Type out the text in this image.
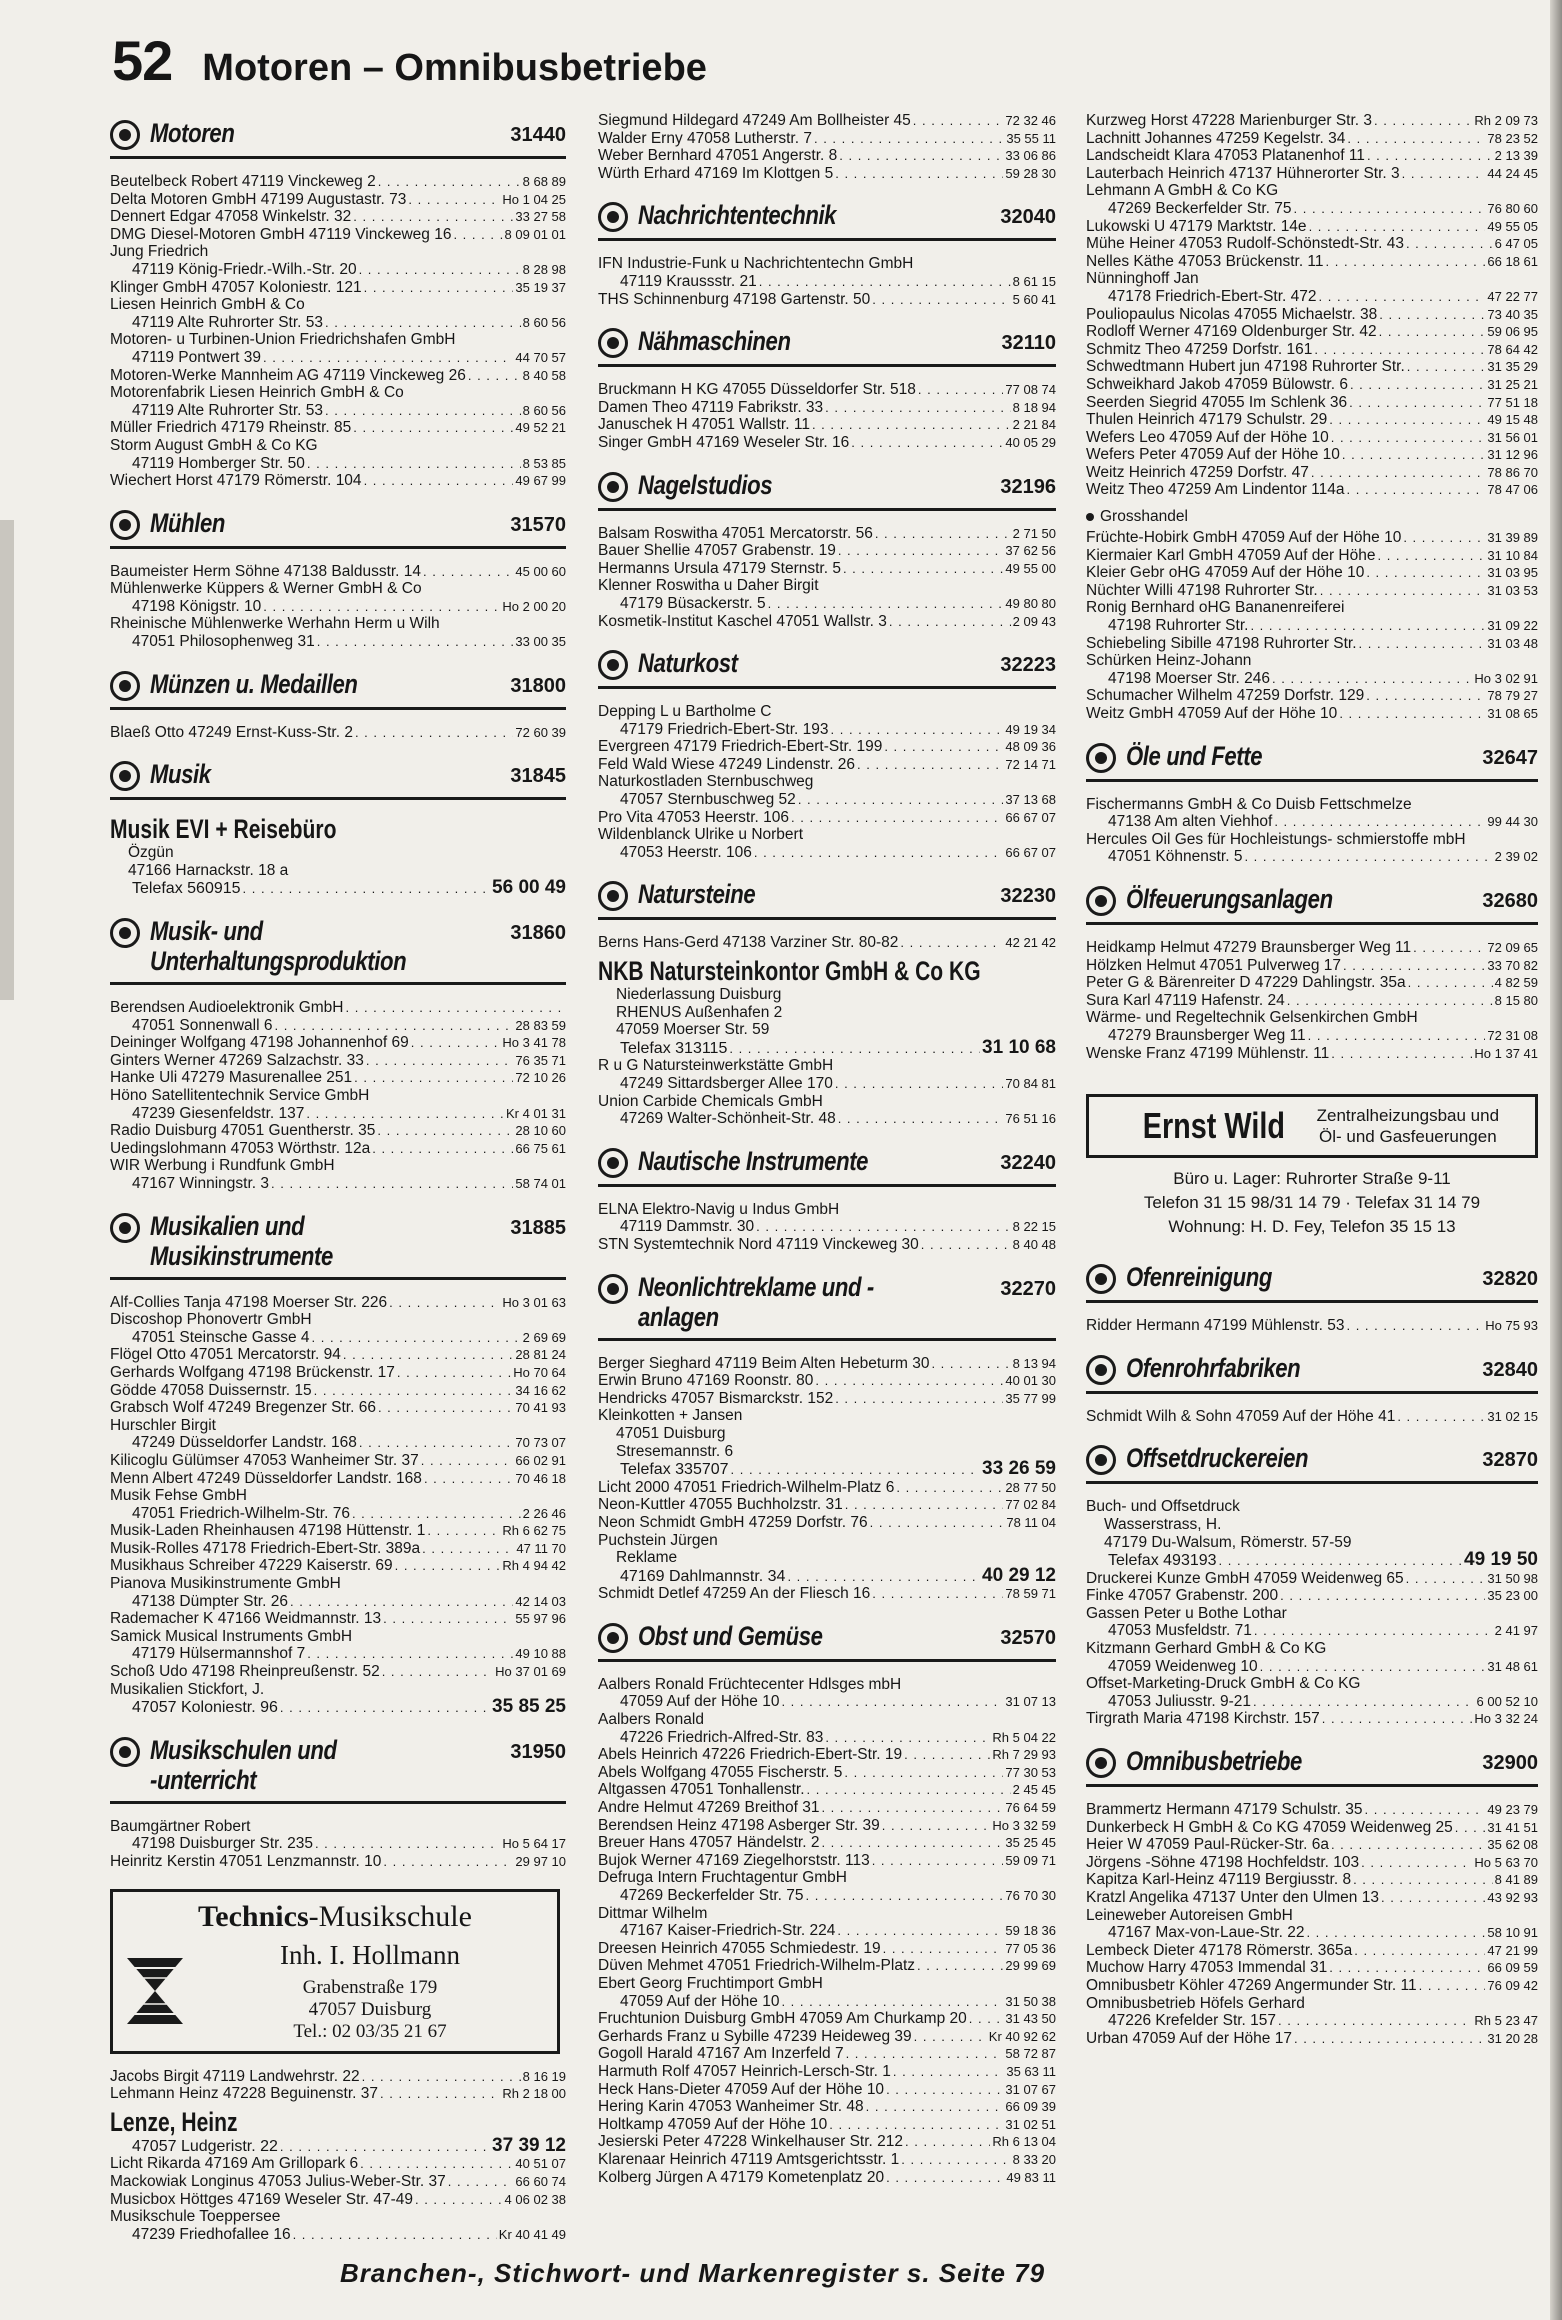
52 Motoren – Omnibusbetriebe
Motoren	31440
Beutelbeck Robert 47119 Vinckeweg 2 . . .	8 68 89
Delta Motoren GmbH 47199 Augustastr. 73 . . .	Ho 1 04 25
Dennert Edgar 47058 Winkelstr. 32 . . .	33 27 58
DMG Diesel-Motoren GmbH 47119 Vinckeweg 16 . . .	8 09 01 01
Jung Friedrich
47119 König-Friedr.-Wilh.-Str. 20 . . .	8 28 98
Klinger GmbH 47057 Koloniestr. 121 . . .	35 19 37
Liesen Heinrich GmbH & Co
47119 Alte Ruhrorter Str. 53 . . .	8 60 56
Motoren- u Turbinen-Union Friedrichshafen GmbH
47119 Pontwert 39 . . .	44 70 57
Motoren-Werke Mannheim AG 47119 Vinckeweg 26 . . .	8 40 58
Motorenfabrik Liesen Heinrich GmbH & Co
47119 Alte Ruhrorter Str. 53 . . .	8 60 56
Müller Friedrich 47179 Rheinstr. 85 . . .	49 52 21
Storm August GmbH & Co KG
47119 Homberger Str. 50 . . .	8 53 85
Wiechert Horst 47179 Römerstr. 104 . . .	49 67 99
Mühlen	31570
Baumeister Herm Söhne 47138 Baldusstr. 14 . . .	45 00 60
Mühlenwerke Küppers & Werner GmbH & Co
47198 Königstr. 10 . . .	Ho 2 00 20
Rheinische Mühlenwerke Werhahn Herm u Wilh
47051 Philosophenweg 31 . . .	33 00 35
Münzen u. Medaillen	31800
Blaeß Otto 47249 Ernst-Kuss-Str. 2 . . .	72 60 39
Musik	31845
Musik EVI + Reisebüro
Özgün
47166 Harnackstr. 18 a
Telefax 560915 . . .	56 00 49
Musik- und
Unterhaltungsproduktion
31860
Berendsen Audioelektronik GmbH
. . .
47051 Sonnenwall 6 . . .	28 83 59
Deininger Wolfgang 47198 Johannenhof 69 . . .	Ho 3 41 78
Ginters Werner 47269 Salzachstr. 33 . . .	76 35 71
Hanke Uli 47279 Masurenallee 251 . . .	72 10 26
Höno Satellitentechnik Service GmbH
47239 Giesenfeldstr. 137 . . .	Kr 4 01 31
Radio Duisburg 47051 Guentherstr. 35 . . .	28 10 60
Uedingslohmann 47053 Wörthstr. 12a . . .	66 75 61
WIR Werbung i Rundfunk GmbH
47167 Winningstr. 3 . . .	58 74 01
Musikalien und
Musikinstrumente
31885
Alf-Collies Tanja 47198 Moerser Str. 226 . . .	Ho 3 01 63
Discoshop Phonovertr GmbH
47051 Steinsche Gasse 4 . . .	2 69 69
Flögel Otto 47051 Mercatorstr. 94 . . .	28 81 24
Gerhards Wolfgang 47198 Brückenstr. 17 . . .	Ho 70 64
Gödde 47058 Duissernstr. 15 . . .	34 16 62
Grabsch Wolf 47249 Bregenzer Str. 66 . . .	70 41 93
Hurschler Birgit
47249 Düsseldorfer Landstr. 168 . . .	70 73 07
Kilicoglu Gülümser 47053 Wanheimer Str. 37 . . .	66 02 91
Menn Albert 47249 Düsseldorfer Landstr. 168 . . .	70 46 18
Musik Fehse GmbH
47051 Friedrich-Wilhelm-Str. 76 . . .	2 26 46
Musik-Laden Rheinhausen 47198 Hüttenstr. 1 . . .	Rh 6 62 75
Musik-Rolles 47178 Friedrich-Ebert-Str. 389a . . .	47 11 70
Musikhaus Schreiber 47229 Kaiserstr. 69 . . .	Rh 4 94 42
Pianova Musikinstrumente GmbH
47138 Dümpter Str. 26 . . .	42 14 03
Rademacher K 47166 Weidmannstr. 13 . . .	55 97 96
Samick Musical Instruments GmbH
47179 Hülsermannshof 7 . . .	49 10 88
Schoß Udo 47198 Rheinpreußenstr. 52 . . .	Ho 37 01 69
Musikalien Stickfort, J.
47057 Koloniestr. 96 . . .	35 85 25
Musikschulen und
-unterricht
31950
Baumgärtner Robert
47198 Duisburger Str. 235 . . .	Ho 5 64 17
Heinritz Kerstin 47051 Lenzmannstr. 10 . . .	29 97 10
Technics-Musikschule
Inh. I. Hollmann
Grabenstraße 179
47057 Duisburg
Tel.: 02 03/35 21 67
Jacobs Birgit 47119 Landwehrstr. 22 . . .	8 16 19
Lehmann Heinz 47228 Beguinenstr. 37 . . .	Rh 2 18 00
Lenze, Heinz
47057 Ludgeristr. 22 . . .	37 39 12
Licht Rikarda 47169 Am Grillopark 6 . . .	40 51 07
Mackowiak Longinus 47053 Julius-Weber-Str. 37 . . .	66 60 74
Musicbox Höttges 47169 Weseler Str. 47-49 . . .	4 06 02 38
Musikschule Toeppersee
47239 Friedhofallee 16 . . .	Kr 40 41 49
Siegmund Hildegard 47249 Am Bollheister 45 . . .	72 32 46
Walder Erny 47058 Lutherstr. 7 . . .	35 55 11
Weber Bernhard 47051 Angerstr. 8 . . .	33 06 86
Würth Erhard 47169 Im Klottgen 5 . . .	59 28 30
Nachrichtentechnik	32040
IFN Industrie-Funk u Nachrichtentechn GmbH
47119 Kraussstr. 21 . . .	8 61 15
THS Schinnenburg 47198 Gartenstr. 50 . . .	5 60 41
Nähmaschinen	32110
Bruckmann H KG 47055 Düsseldorfer Str. 518 . . .	77 08 74
Damen Theo 47119 Fabrikstr. 33 . . .	8 18 94
Januschek H 47051 Wallstr. 11 . . .	2 21 84
Singer GmbH 47169 Weseler Str. 16 . . .	40 05 29
Nagelstudios	32196
Balsam Roswitha 47051 Mercatorstr. 56 . . .	2 71 50
Bauer Shellie 47057 Grabenstr. 19 . . .	37 62 56
Hermanns Ursula 47179 Sternstr. 5 . . .	49 55 00
Klenner Roswitha u Daher Birgit
47179 Büsackerstr. 5 . . .	49 80 80
Kosmetik-Institut Kaschel 47051 Wallstr. 3 . . .	2 09 43
Naturkost	32223
Depping L u Bartholme C
47179 Friedrich-Ebert-Str. 193 . . .	49 19 34
Evergreen 47179 Friedrich-Ebert-Str. 199 . . .	48 09 36
Feld Wald Wiese 47249 Lindenstr. 26 . . .	72 14 71
Naturkostladen Sternbuschweg
47057 Sternbuschweg 52 . . .	37 13 68
Pro Vita 47053 Heerstr. 106 . . .	66 67 07
Wildenblanck Ulrike u Norbert
47053 Heerstr. 106 . . .	66 67 07
Natursteine	32230
Berns Hans-Gerd 47138 Varziner Str. 80-82 . . .	42 21 42
NKB Natursteinkontor GmbH & Co KG
Niederlassung Duisburg
RHENUS Außenhafen 2
47059 Moerser Str. 59
Telefax 313115 . . .	31 10 68
R u G Natursteinwerkstätte GmbH
47249 Sittardsberger Allee 170 . . .	70 84 81
Union Carbide Chemicals GmbH
47269 Walter-Schönheit-Str. 48 . . .	76 51 16
Nautische Instrumente	32240
ELNA Elektro-Navig u Indus GmbH
47119 Dammstr. 30 . . .	8 22 15
STN Systemtechnik Nord 47119 Vinckeweg 30 . . .	8 40 48
Neonlichtreklame und -
anlagen
32270
Berger Sieghard 47119 Beim Alten Hebeturm 30 . . .	8 13 94
Erwin Bruno 47169 Roonstr. 80 . . .	40 01 30
Hendricks 47057 Bismarckstr. 152 . . .	35 77 99
Kleinkotten + Jansen
47051 Duisburg
Stresemannstr. 6
Telefax 335707 . . .	33 26 59
Licht 2000 47051 Friedrich-Wilhelm-Platz 6 . . .	28 77 50
Neon-Kuttler 47055 Buchholzstr. 31 . . .	77 02 84
Neon Schmidt GmbH 47259 Dorfstr. 76 . . .	78 11 04
Puchstein Jürgen
Reklame
47169 Dahlmannstr. 34 . . .	40 29 12
Schmidt Detlef 47259 An der Fliesch 16 . . .	78 59 71
Obst und Gemüse	32570
Aalbers Ronald Früchtecenter Hdlsges mbH
47059 Auf der Höhe 10 . . .	31 07 13
Aalbers Ronald
47226 Friedrich-Alfred-Str. 83 . . .	Rh 5 04 22
Abels Heinrich 47226 Friedrich-Ebert-Str. 19 . . .	Rh 7 29 93
Abels Wolfgang 47055 Fischerstr. 5 . . .	77 30 53
Altgassen 47051 Tonhallenstr. . . .	2 45 45
Andre Helmut 47269 Breithof 31 . . .	76 64 59
Berendsen Heinz 47198 Asberger Str. 39 . . .	Ho 3 32 59
Breuer Hans 47057 Händelstr. 2 . . .	35 25 45
Bujok Werner 47169 Ziegelhorststr. 113 . . .	59 09 71
Defruga Intern Fruchtagentur GmbH
47269 Beckerfelder Str. 75 . . .	76 70 30
Dittmar Wilhelm
47167 Kaiser-Friedrich-Str. 224 . . .	59 18 36
Dreesen Heinrich 47055 Schmiedestr. 19 . . .	77 05 36
Düven Mehmet 47051 Friedrich-Wilhelm-Platz . . .	29 99 69
Ebert Georg Fruchtimport GmbH
47059 Auf der Höhe 10 . . .	31 50 38
Fruchtunion Duisburg GmbH 47059 Am Churkamp 20 . . .	31 43 50
Gerhards Franz u Sybille 47239 Heideweg 39 . . .	Kr 40 92 62
Gogoll Harald 47167 Am Inzerfeld 7 . . .	58 72 87
Harmuth Rolf 47057 Heinrich-Lersch-Str. 1 . . .	35 63 11
Heck Hans-Dieter 47059 Auf der Höhe 10 . . .	31 07 67
Hering Karin 47053 Wanheimer Str. 48 . . .	66 09 39
Holtkamp 47059 Auf der Höhe 10 . . .	31 02 51
Jesierski Peter 47228 Winkelhauser Str. 212 . . .	Rh 6 13 04
Klarenaar Heinrich 47119 Amtsgerichtsstr. 1 . . .	8 33 20
Kolberg Jürgen A 47179 Kometenplatz 20 . . .	49 83 11
Kurzweg Horst 47228 Marienburger Str. 3 . . .	Rh 2 09 73
Lachnitt Johannes 47259 Kegelstr. 34 . . .	78 23 52
Landscheidt Klara 47053 Platanenhof 11 . . .	2 13 39
Lauterbach Heinrich 47137 Hühnerorter Str. 3 . . .	44 24 45
Lehmann A GmbH & Co KG
47269 Beckerfelder Str. 75 . . .	76 80 60
Lukowski U 47179 Marktstr. 14e . . .	49 55 05
Mühe Heiner 47053 Rudolf-Schönstedt-Str. 43 . . .	6 47 05
Nelles Käthe 47053 Brückenstr. 11 . . .	66 18 61
Nünninghoff Jan
47178 Friedrich-Ebert-Str. 472 . . .	47 22 77
Pouliopaulus Nicolas 47055 Michaelstr. 38 . . .	73 40 35
Rodloff Werner 47169 Oldenburger Str. 42 . . .	59 06 95
Schmitz Theo 47259 Dorfstr. 161 . . .	78 64 42
Schwedtmann Hubert jun 47198 Ruhrorter Str. . . .	31 35 29
Schweikhard Jakob 47059 Bülowstr. 6 . . .	31 25 21
Seerden Siegrid 47055 Im Schlenk 36 . . .	77 51 18
Thulen Heinrich 47179 Schulstr. 29 . . .	49 15 48
Wefers Leo 47059 Auf der Höhe 10 . . .	31 56 01
Wefers Peter 47059 Auf der Höhe 10 . . .	31 12 96
Weitz Heinrich 47259 Dorfstr. 47 . . .	78 86 70
Weitz Theo 47259 Am Lindentor 114a . . .	78 47 06
Grosshandel
Früchte-Hobirk GmbH 47059 Auf der Höhe 10 . . .	31 39 89
Kiermaier Karl GmbH 47059 Auf der Höhe . . .	31 10 84
Kleier Gebr oHG 47059 Auf der Höhe 10 . . .	31 03 95
Nüchter Willi 47198 Ruhrorter Str. . . .	31 03 53
Ronig Bernhard oHG Bananenreiferei
47198 Ruhrorter Str. . . .	31 09 22
Schiebeling Sibille 47198 Ruhrorter Str. . . .	31 03 48
Schürken Heinz-Johann
47198 Moerser Str. 246 . . .	Ho 3 02 91
Schumacher Wilhelm 47259 Dorfstr. 129 . . .	78 79 27
Weitz GmbH 47059 Auf der Höhe 10 . . .	31 08 65
Öle und Fette	32647
Fischermanns GmbH & Co Duisb Fettschmelze
47138 Am alten Viehhof . . .	99 44 30
Hercules Oil Ges für Hochleistungs- schmierstoffe mbH
47051 Köhnenstr. 5 . . .	2 39 02
Ölfeuerungsanlagen	32680
Heidkamp Helmut 47279 Braunsberger Weg 11 . . .	72 09 65
Hölzken Helmut 47051 Pulverweg 17 . . .	33 70 82
Peter G & Bärenreiter D 47229 Dahlingstr. 35a . . .	4 82 59
Sura Karl 47119 Hafenstr. 24 . . .	8 15 80
Wärme- und Regeltechnik Gelsenkirchen GmbH
47279 Braunsberger Weg 11 . . .	72 31 08
Wenske Franz 47199 Mühlenstr. 11 . . .	Ho 1 37 41
Ernst Wild Zentralheizungsbau und
Öl- und Gasfeuerungen
Büro u. Lager: Ruhrorter Straße 9-11
Telefon 31 15 98/31 14 79 · Telefax 31 14 79
Wohnung: H. D. Fey, Telefon 35 15 13
Ofenreinigung	32820
Ridder Hermann 47199 Mühlenstr. 53 . . .	Ho 75 93
Ofenrohrfabriken	32840
Schmidt Wilh & Sohn 47059 Auf der Höhe 41 . . .	31 02 15
Offsetdruckereien	32870
Buch- und Offsetdruck
Wasserstrass, H.
47179 Du-Walsum, Römerstr. 57-59
Telefax 493193 . . .	49 19 50
Druckerei Kunze GmbH 47059 Weidenweg 65 . . .	31 50 98
Finke 47057 Grabenstr. 200 . . .	35 23 00
Gassen Peter u Bothe Lothar
47053 Musfeldstr. 71 . . .	2 41 97
Kitzmann Gerhard GmbH & Co KG
47059 Weidenweg 10 . . .	31 48 61
Offset-Marketing-Druck GmbH & Co KG
47053 Juliusstr. 9-21 . . .	6 00 52 10
Tirgrath Maria 47198 Kirchstr. 157 . . .	Ho 3 32 24
Omnibusbetriebe	32900
Brammertz Hermann 47179 Schulstr. 35 . . .	49 23 79
Dunkerbeck H GmbH & Co KG 47059 Weidenweg 25 . . .	31 41 51
Heier W 47059 Paul-Rücker-Str. 6a . . .	35 62 08
Jörgens -Söhne 47198 Hochfeldstr. 103 . . .	Ho 5 63 70
Kapitza Karl-Heinz 47119 Bergiusstr. 8 . . .	8 41 89
Kratzl Angelika 47137 Unter den Ulmen 13 . . .	43 92 93
Leineweber Autoreisen GmbH
47167 Max-von-Laue-Str. 22 . . .	58 10 91
Lembeck Dieter 47178 Römerstr. 365a . . .	47 21 99
Muchow Harry 47053 Immendal 31 . . .	66 09 59
Omnibusbetr Köhler 47269 Angermunder Str. 11 . . .	76 09 42
Omnibusbetrieb Höfels Gerhard
47226 Krefelder Str. 157 . . .	Rh 5 23 47
Urban 47059 Auf der Höhe 17 . . .	31 20 28
Branchen-, Stichwort- und Markenregister s. Seite 79
